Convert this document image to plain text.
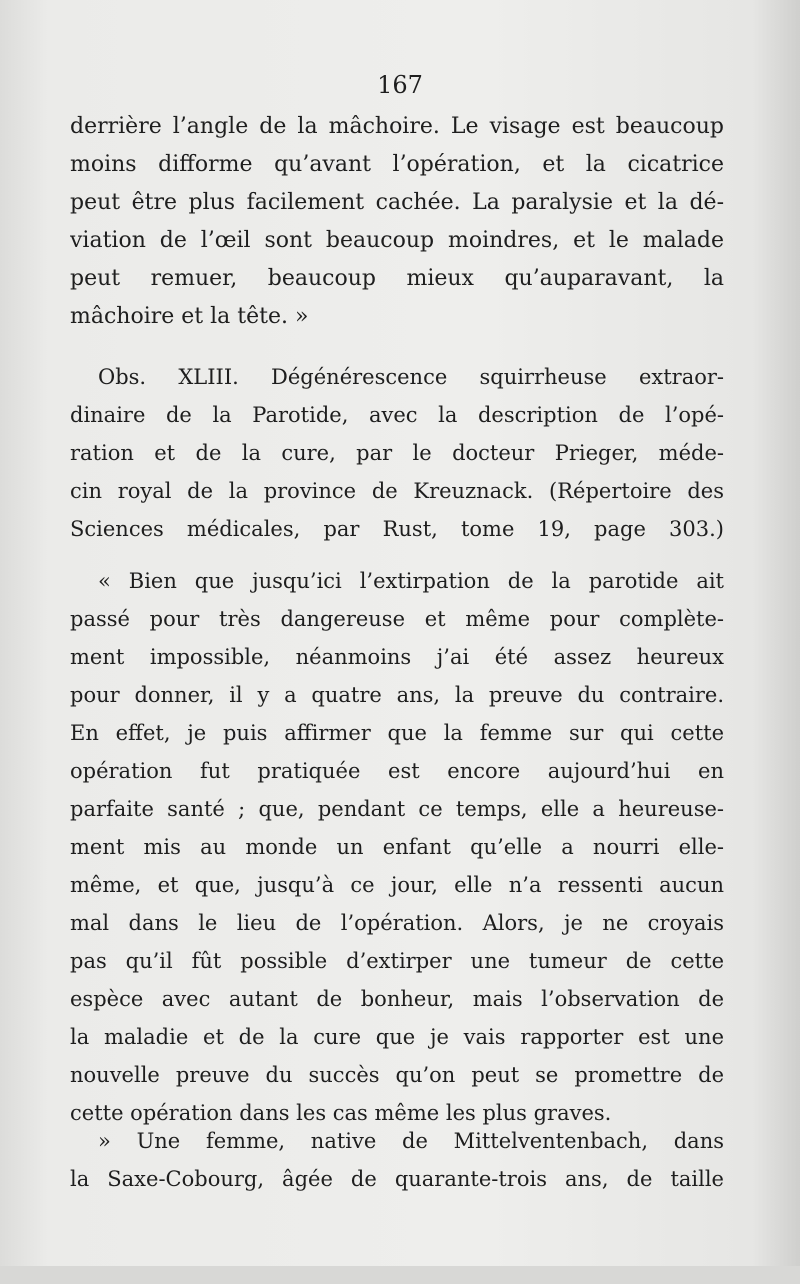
167
derrière l’angle de la mâchoire. Le visage est beaucoup
moins difforme qu’avant l’opération, et la cicatrice
peut être plus facilement cachée. La paralysie et la dé-
viation de l’œil sont beaucoup moindres, et le malade
peut remuer, beaucoup mieux qu’auparavant, la
mâchoire et la tête. »
Obs. XLIII. Dégénérescence squirrheuse extraor-
dinaire de la Parotide, avec la description de l’opé-
ration et de la cure, par le docteur Prieger, méde-
cin royal de la province de Kreuznack. (Répertoire des
Sciences médicales, par Rust, tome 19, page 303.)
« Bien que jusqu’ici l’extirpation de la parotide ait
passé pour très dangereuse et même pour complète-
ment impossible, néanmoins j’ai été assez heureux
pour donner, il y a quatre ans, la preuve du contraire.
En effet, je puis affirmer que la femme sur qui cette
opération fut pratiquée est encore aujourd’hui en
parfaite santé ; que, pendant ce temps, elle a heureuse-
ment mis au monde un enfant qu’elle a nourri elle-
même, et que, jusqu’à ce jour, elle n’a ressenti aucun
mal dans le lieu de l’opération. Alors, je ne croyais
pas qu’il fût possible d’extirper une tumeur de cette
espèce avec autant de bonheur, mais l’observation de
la maladie et de la cure que je vais rapporter est une
nouvelle preuve du succès qu’on peut se promettre de
cette opération dans les cas même les plus graves.
» Une femme, native de Mittelventenbach, dans
la Saxe-Cobourg, âgée de quarante-trois ans, de taille
